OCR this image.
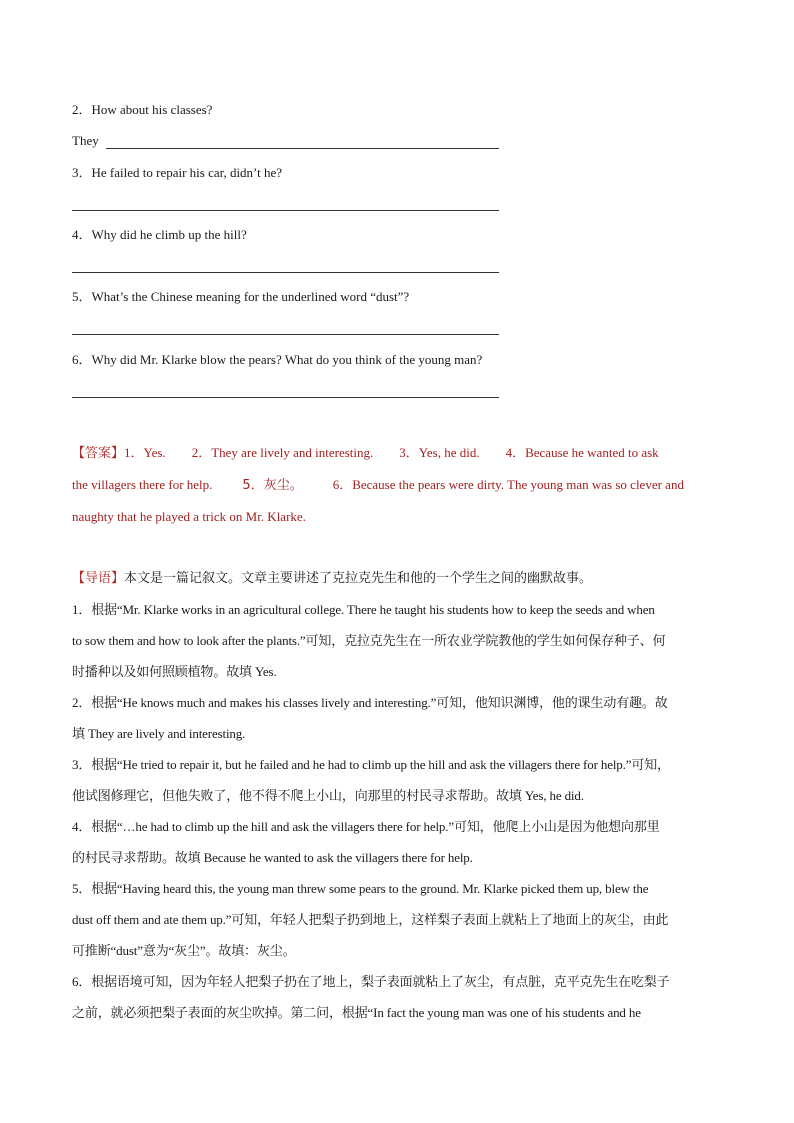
2．How about his classes?
They
3．He failed to repair his car, didn’t he?
4．Why did he climb up the hill?
5．What’s the Chinese meaning for the underlined word “dust”?
6．Why did Mr. Klarke blow the pears? What do you think of the young man?
【答案】1．Yes. 2．They are lively and interesting. 3．Yes, he did. 4．Because he wanted to ask
the villagers there for help. 5．灰尘。 6．Because the pears were dirty. The young man was so clever and
naughty that he played a trick on Mr. Klarke.
【导语】本文是一篇记叙文。文章主要讲述了克拉克先生和他的一个学生之间的幽默故事。
1．根据“Mr. Klarke works in an agricultural college. There he taught his students how to keep the seeds and when
to sow them and how to look after the plants.”可知，克拉克先生在一所农业学院教他的学生如何保存种子、何
时播种以及如何照顾植物。故填 Yes.
2．根据“He knows much and makes his classes lively and interesting.”可知，他知识渊博，他的课生动有趣。故
填 They are lively and interesting.
3．根据“He tried to repair it, but he failed and he had to climb up the hill and ask the villagers there for help.”可知，
他试图修理它，但他失败了，他不得不爬上小山，向那里的村民寻求帮助。故填 Yes, he did.
4．根据“…he had to climb up the hill and ask the villagers there for help.”可知，他爬上小山是因为他想向那里
的村民寻求帮助。故填 Because he wanted to ask the villagers there for help.
5．根据“Having heard this, the young man threw some pears to the ground. Mr. Klarke picked them up, blew the
dust off them and ate them up.”可知，年轻人把梨子扔到地上，这样梨子表面上就粘上了地面上的灰尘，由此
可推断“dust”意为“灰尘”。故填：灰尘。
6．根据语境可知，因为年轻人把梨子扔在了地上，梨子表面就粘上了灰尘，有点脏，克平克先生在吃梨子
之前，就必须把梨子表面的灰尘吹掉。第二问，根据“In fact the young man was one of his students and he
